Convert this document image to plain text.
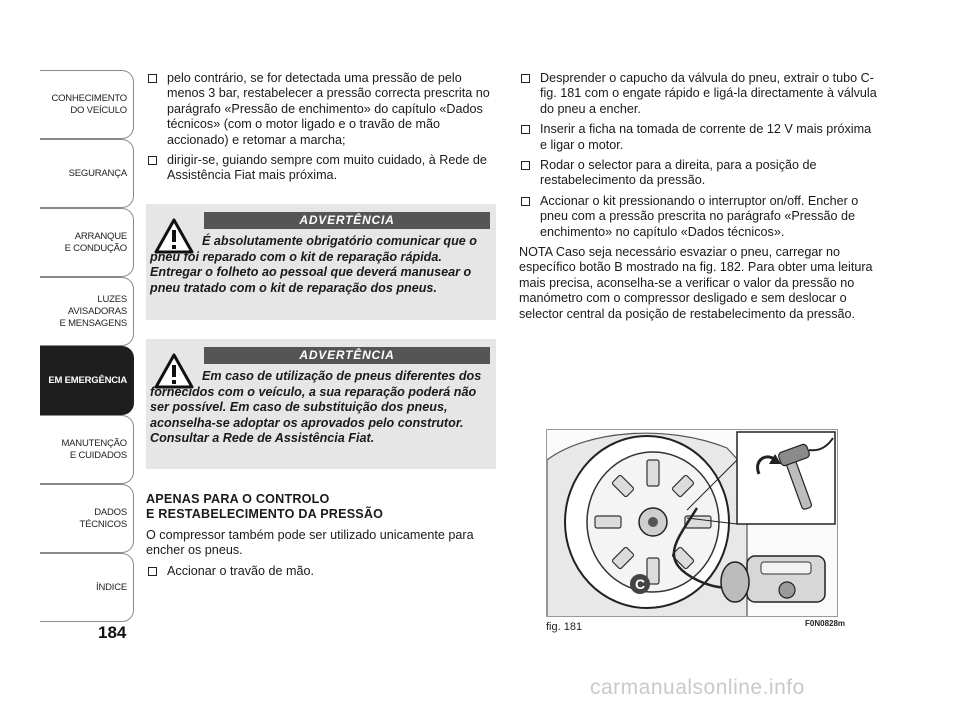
CONHECIMENTO
DO VEÍCULO
SEGURANÇA
ARRANQUE
E CONDUÇÃO
LUZES
AVISADORAS
E MENSAGENS
EM EMERGÊNCIA
MANUTENÇÃO
E CUIDADOS
DADOS
TÉCNICOS
ÍNDICE
184
pelo contrário, se for detectada uma pressão de pelo menos 3 bar, restabelecer a pressão correcta prescrita no parágrafo «Pressão de enchimento» do capítulo «Dados técnicos» (com o motor ligado e o travão de mão accionado) e retomar a marcha;
dirigir-se, guiando sempre com muito cuidado, à Rede de Assistência Fiat mais próxima.
ADVERTÊNCIA
É absolutamente obrigatório comunicar que o pneu foi reparado com o kit de reparação rápida. Entregar o folheto ao pessoal que deverá manusear o pneu tratado com o kit de reparação dos pneus.
ADVERTÊNCIA
Em caso de utilização de pneus diferentes dos fornecidos com o veículo, a sua reparação poderá não ser possível. Em caso de substituição dos pneus, aconselha-se adoptar os aprovados pelo construtor. Consultar a Rede de Assistência Fiat.
APENAS PARA O CONTROLO
E RESTABELECIMENTO DA PRESSÃO
O compressor também pode ser utilizado unicamente para encher os pneus.
Accionar o travão de mão.
Desprender o capucho da válvula do pneu, extrair o tubo C-fig. 181 com o engate rápido e ligá-la directamente à válvula do pneu a encher.
Inserir a ficha na tomada de corrente de 12 V mais próxima e ligar o motor.
Rodar o selector para a direita, para a posição de restabelecimento da pressão.
Accionar o kit pressionando o interruptor on/off. Encher o pneu com a pressão prescrita no parágrafo «Pressão de enchimento» no capítulo «Dados técnicos».
NOTA Caso seja necessário esvaziar o pneu, carregar no específico botão B mostrado na fig. 182. Para obter uma leitura mais precisa, aconselha-se a verificar o valor da pressão no manómetro com o compressor desligado e sem deslocar o selector central da posição de restabelecimento da pressão.
C
fig. 181	F0N0828m
carmanualsonline.info
